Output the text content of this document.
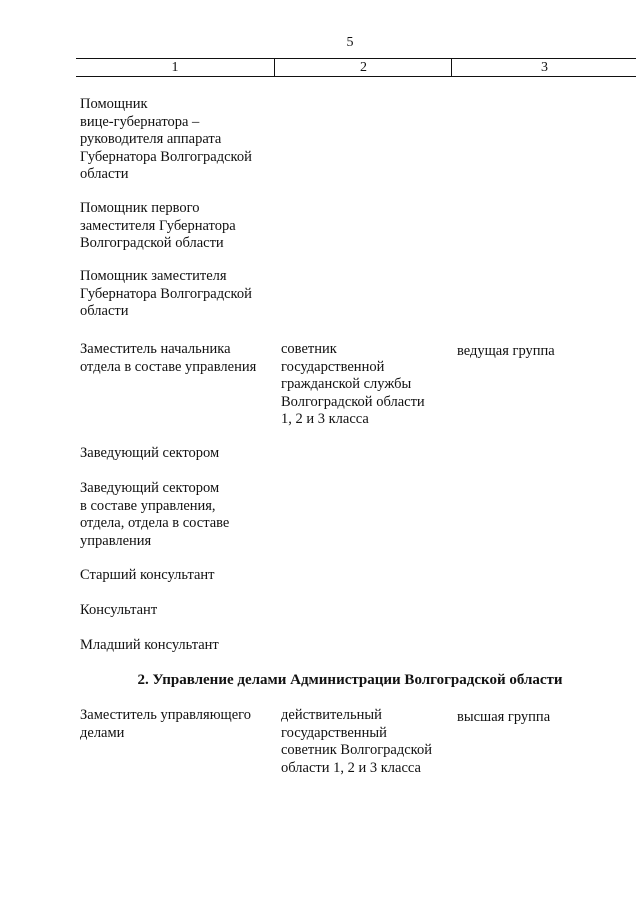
5
1	2	3
Помощник
вице-губернатора –
руководителя аппарата
Губернатора Волгоградской
области
Помощник первого
заместителя Губернатора
Волгоградской области
Помощник заместителя
Губернатора Волгоградской
области
Заместитель начальника
отдела в составе управления
советник
государственной
гражданской службы
Волгоградской области
1, 2 и 3 класса
ведущая группа
Заведующий сектором
Заведующий сектором
в составе управления,
отдела, отдела в составе
управления
Старший консультант
Консультант
Младший консультант
2. Управление делами Администрации Волгоградской области
Заместитель управляющего
делами
действительный
государственный
советник Волгоградской
области 1, 2 и 3 класса
высшая группа
